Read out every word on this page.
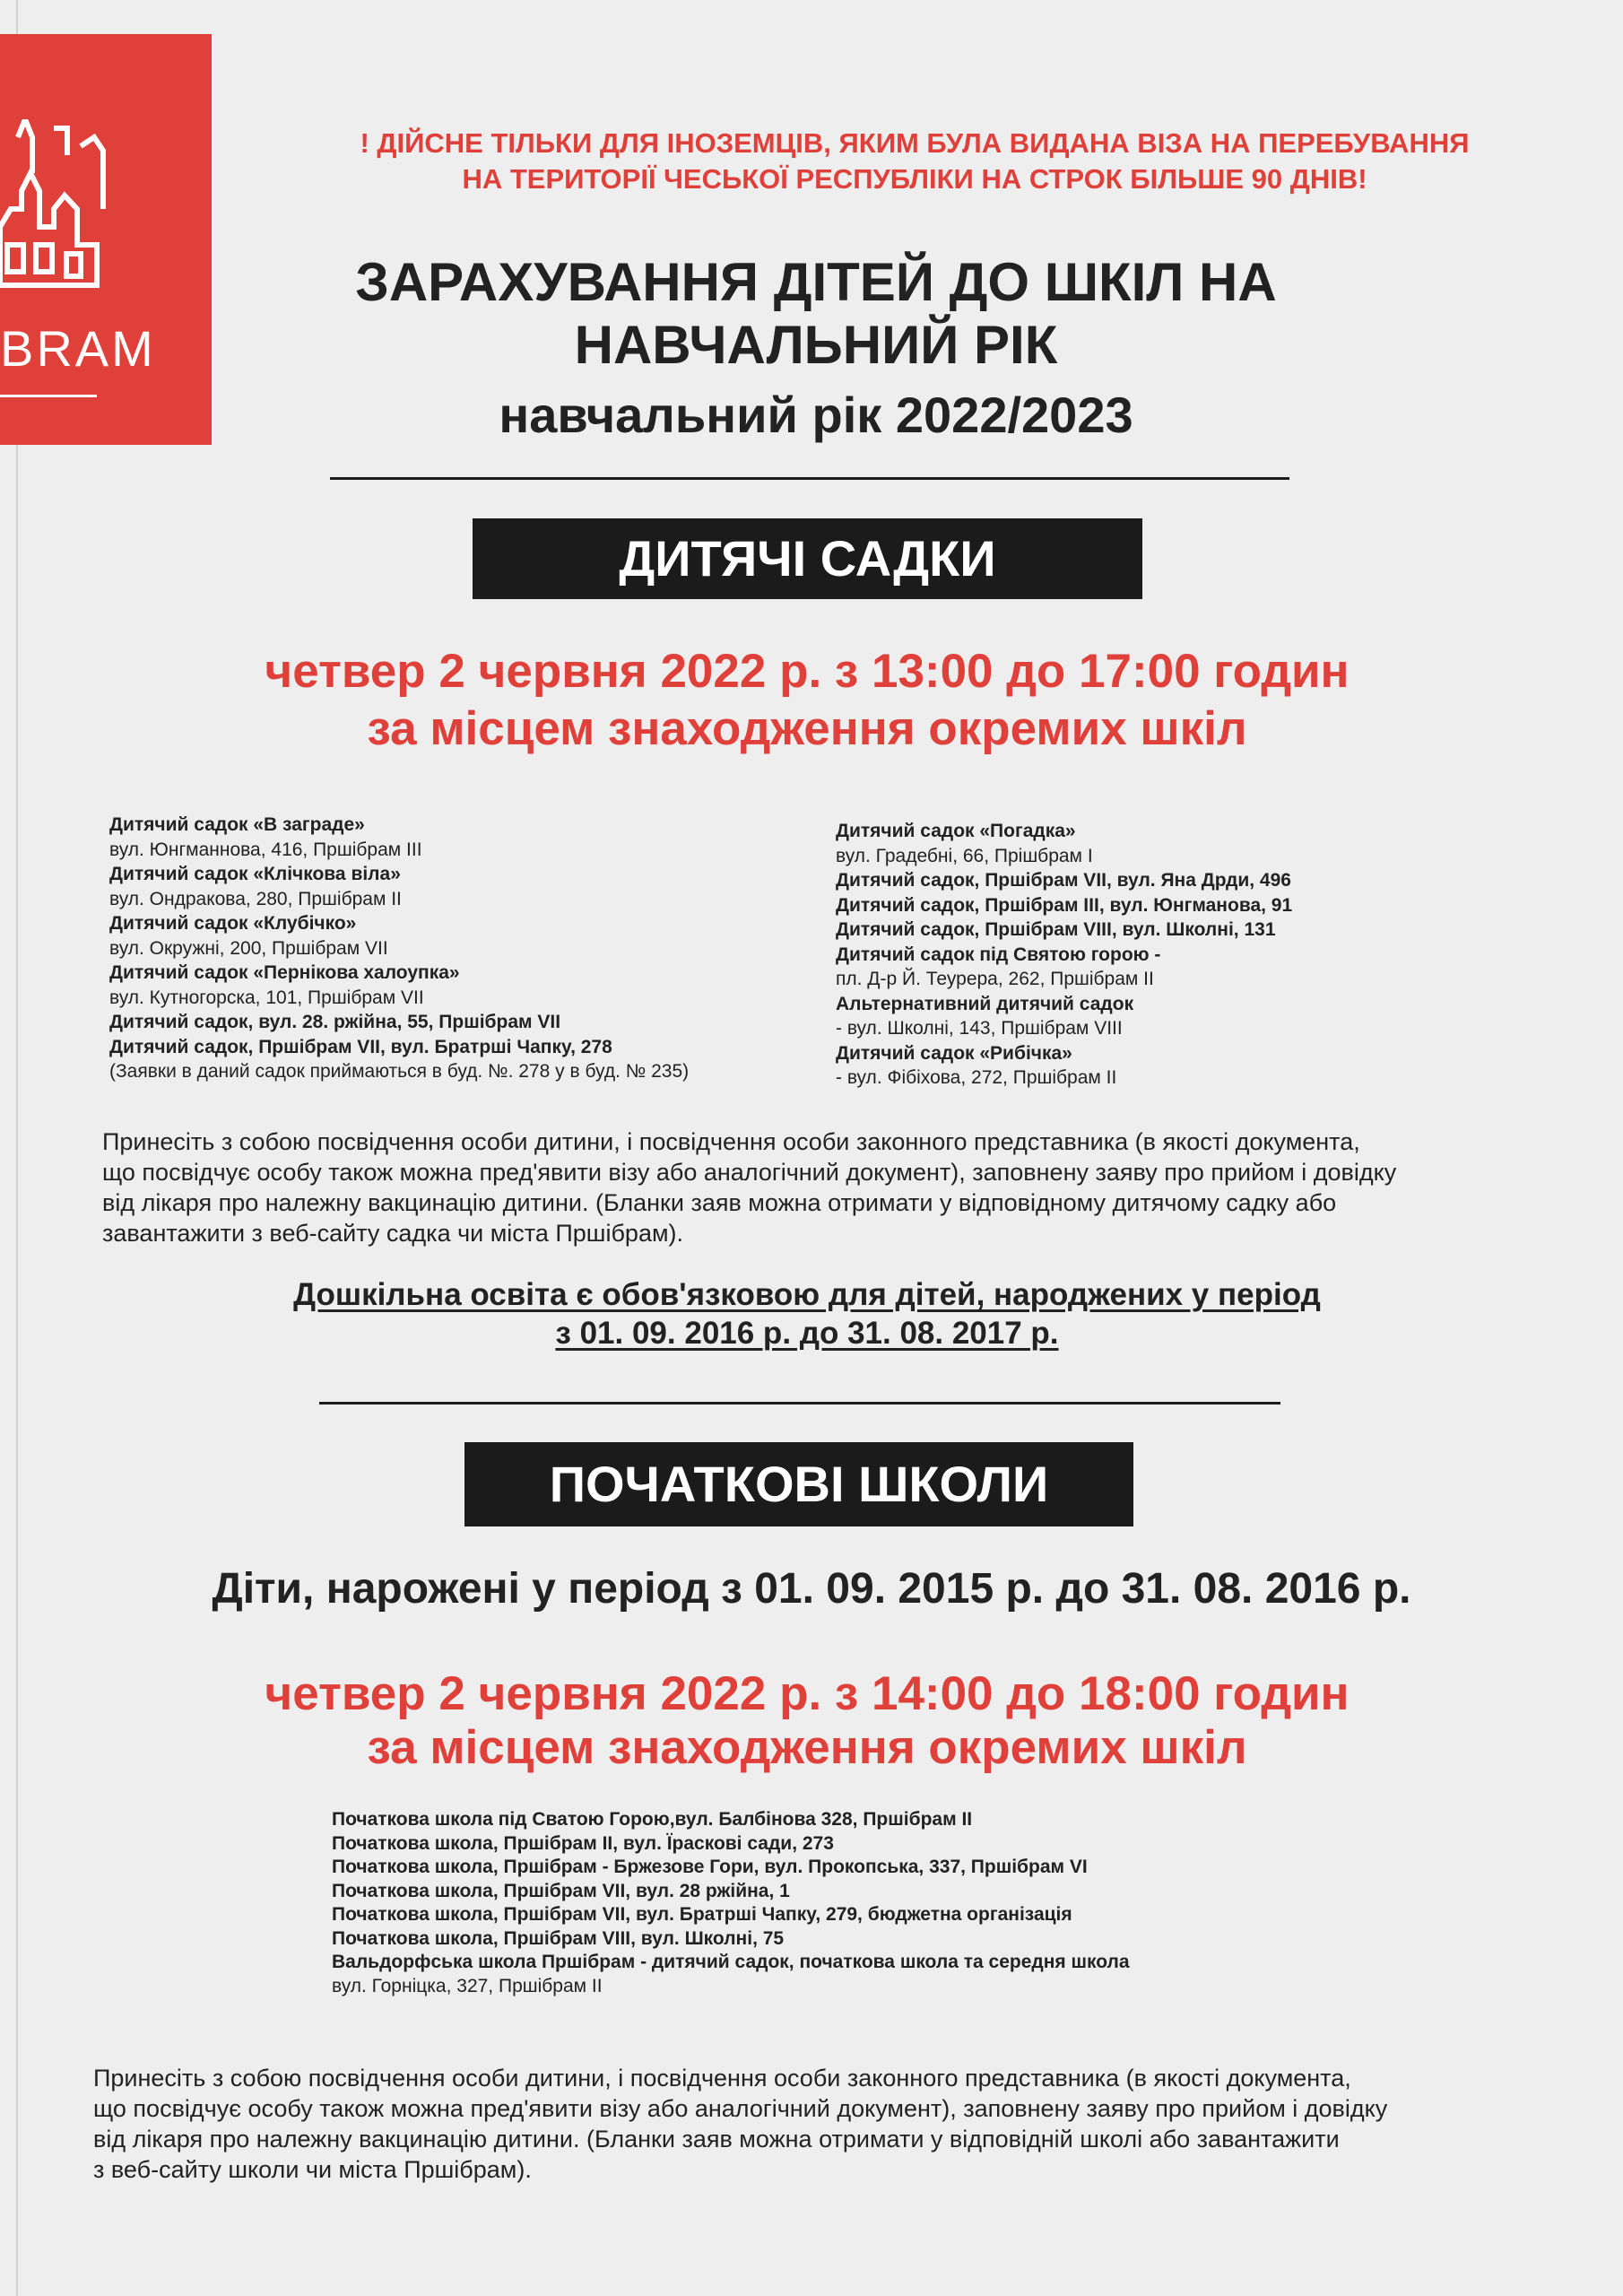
BRAM
! ДІЙСНЕ ТІЛЬКИ ДЛЯ ІНОЗЕМЦІВ, ЯКИМ БУЛА ВИДАНА ВІЗА НА ПЕРЕБУВАННЯ
НА ТЕРИТОРІЇ ЧЕСЬКОЇ РЕСПУБЛІКИ НА СТРОК БІЛЬШЕ 90 ДНІВ!
ЗАРАХУВАННЯ ДІТЕЙ ДО ШКІЛ НА
НАВЧАЛЬНИЙ РІК
навчальний рік 2022/2023
ДИТЯЧІ САДКИ
четвер 2 червня 2022 р. з 13:00 до 17:00 годин
за місцем знаходження окремих шкіл
Дитячий садок «В заграде»
вул. Юнгманнова, 416, Пршібрам III
Дитячий садок «Клічкова віла»
вул. Ондракова, 280, Пршібрам II
Дитячий садок «Клубічко»
вул. Окружні, 200, Пршібрам VII
Дитячий садок «Пернікова халоупка»
вул. Кутногорска, 101, Пршібрам VII
Дитячий садок, вул. 28. ржійна, 55, Пршібрам VII
Дитячий садок, Пршібрам VII, вул. Братршi Чапку, 278
(Заявки в даний садок приймаються в буд. №. 278 у в буд. № 235)
Дитячий садок «Погадка»
вул. Градебні, 66, Прішбрам I
Дитячий садок, Пршібрам VII, вул. Яна Дрди, 496
Дитячий садок, Пршібрам III, вул. Юнгманова, 91
Дитячий садок, Пршібрам VIII, вул. Школні, 131
Дитячий садок під Святою горою -
пл. Д-р Й. Теурера, 262, Пршібрам II
Альтернативний дитячий садок
- вул. Школні, 143, Пршібрам VIII
Дитячий садок «Рибічка»
- вул. Фібіхова, 272, Пршібрам II
Принесіть з собою посвідчення особи дитини, і посвідчення особи законного представника (в якості документа,
що посвідчує особу також можна пред'явити візу або аналогічний документ), заповнену заяву про прийом і довідку
від лікаря про належну вакцинацію дитини. (Бланки заяв можна отримати у відповідному дитячому садку або
завантажити з веб-сайту садка чи міста Пршібрам).
Дошкільна освіта є обов'язковою для дітей, народжених у період
з 01. 09. 2016 р. до 31. 08. 2017 р.
ПОЧАТКОВІ ШКОЛИ
Діти, нарожені у період з 01. 09. 2015 р. до 31. 08. 2016 р.
четвер 2 червня 2022 р. з 14:00 до 18:00 годин
за місцем знаходження окремих шкіл
Початкова школа під Сватою Горою,вул. Балбінова 328, Пршібрам II
Початкова школа, Пршібрам II, вул. Їраскові сади, 273
Початкова школа, Пршібрам - Бржезове Гори, вул. Прокопська, 337, Пршібрам VI
Початкова школа, Пршібрам VII, вул. 28 ржійна, 1
Початкова школа, Пршібрам VII, вул. Братршi Чапку, 279, бюджетна організація
Початкова школа, Пршібрам VIII, вул. Школні, 75
Вальдорфська школа Пршібрам - дитячий садок, початкова школа та середня школа
вул. Горніцка, 327, Пршібрам II
Принесіть з собою посвідчення особи дитини, і посвідчення особи законного представника (в якості документа,
що посвідчує особу також можна пред'явити візу або аналогічний документ), заповнену заяву про прийом і довідку
від лікаря про належну вакцинацію дитини. (Бланки заяв можна отримати у відповідній школі або завантажити
з веб-сайту школи чи міста Пршібрам).
